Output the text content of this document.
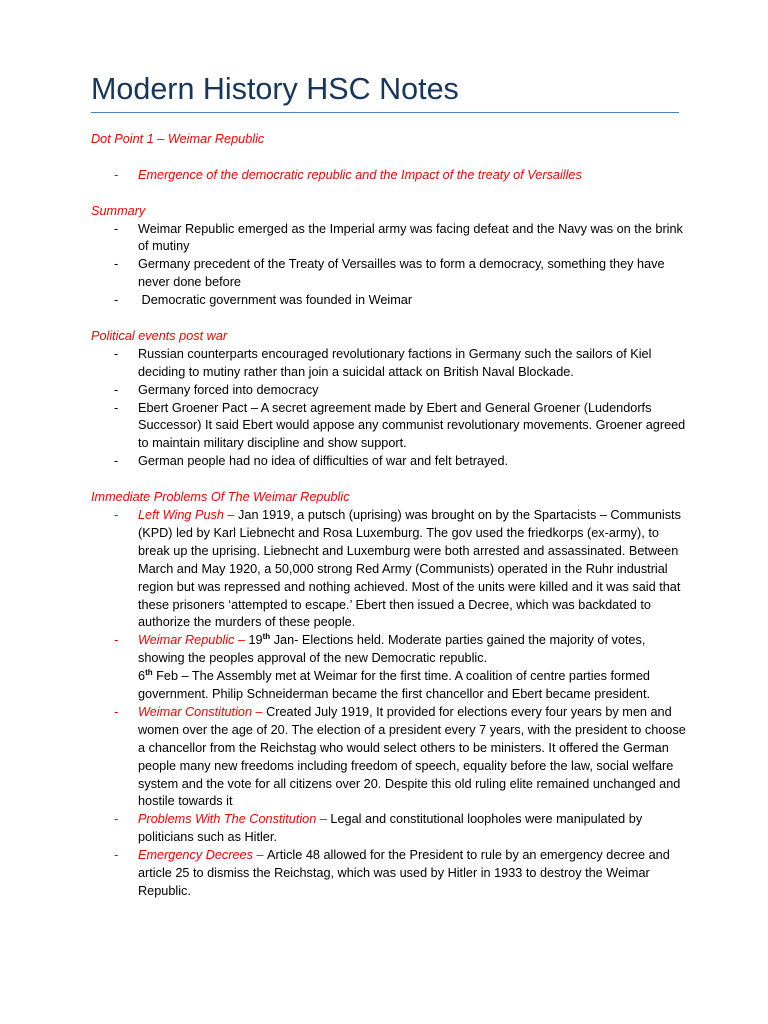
Modern History HSC Notes
Dot Point 1 – Weimar Republic
- Emergence of the democratic republic and the Impact of the treaty of Versailles
Summary
- Weimar Republic emerged as the Imperial army was facing defeat and the Navy was on the brink of mutiny
- Germany precedent of the Treaty of Versailles was to form a democracy, something they have never done before
- Democratic government was founded in Weimar
Political events post war
- Russian counterparts encouraged revolutionary factions in Germany such the sailors of Kiel deciding to mutiny rather than join a suicidal attack on British Naval Blockade.
- Germany forced into democracy
- Ebert Groener Pact – A secret agreement made by Ebert and General Groener (Ludendorfs Successor) It said Ebert would appose any communist revolutionary movements. Groener agreed to maintain military discipline and show support.
- German people had no idea of difficulties of war and felt betrayed.
Immediate Problems Of The Weimar Republic
- Left Wing Push – Jan 1919, a putsch (uprising) was brought on by the Spartacists – Communists (KPD) led by Karl Liebnecht and Rosa Luxemburg. The gov used the friedkorps (ex-army), to break up the uprising. Liebnecht and Luxemburg were both arrested and assassinated. Between March and May 1920, a 50,000 strong Red Army (Communists) operated in the Ruhr industrial region but was repressed and nothing achieved. Most of the units were killed and it was said that these prisoners ‘attempted to escape.’ Ebert then issued a Decree, which was backdated to authorize the murders of these people.
- Weimar Republic – 19th Jan- Elections held. Moderate parties gained the majority of votes, showing the peoples approval of the new Democratic republic.
6th Feb – The Assembly met at Weimar for the first time. A coalition of centre parties formed government. Philip Schneiderman became the first chancellor and Ebert became president.
- Weimar Constitution – Created July 1919, It provided for elections every four years by men and women over the age of 20. The election of a president every 7 years, with the president to choose a chancellor from the Reichstag who would select others to be ministers. It offered the German people many new freedoms including freedom of speech, equality before the law, social welfare system and the vote for all citizens over 20. Despite this old ruling elite remained unchanged and hostile towards it
- Problems With The Constitution – Legal and constitutional loopholes were manipulated by politicians such as Hitler.
- Emergency Decrees – Article 48 allowed for the President to rule by an emergency decree and article 25 to dismiss the Reichstag, which was used by Hitler in 1933 to destroy the Weimar Republic.
